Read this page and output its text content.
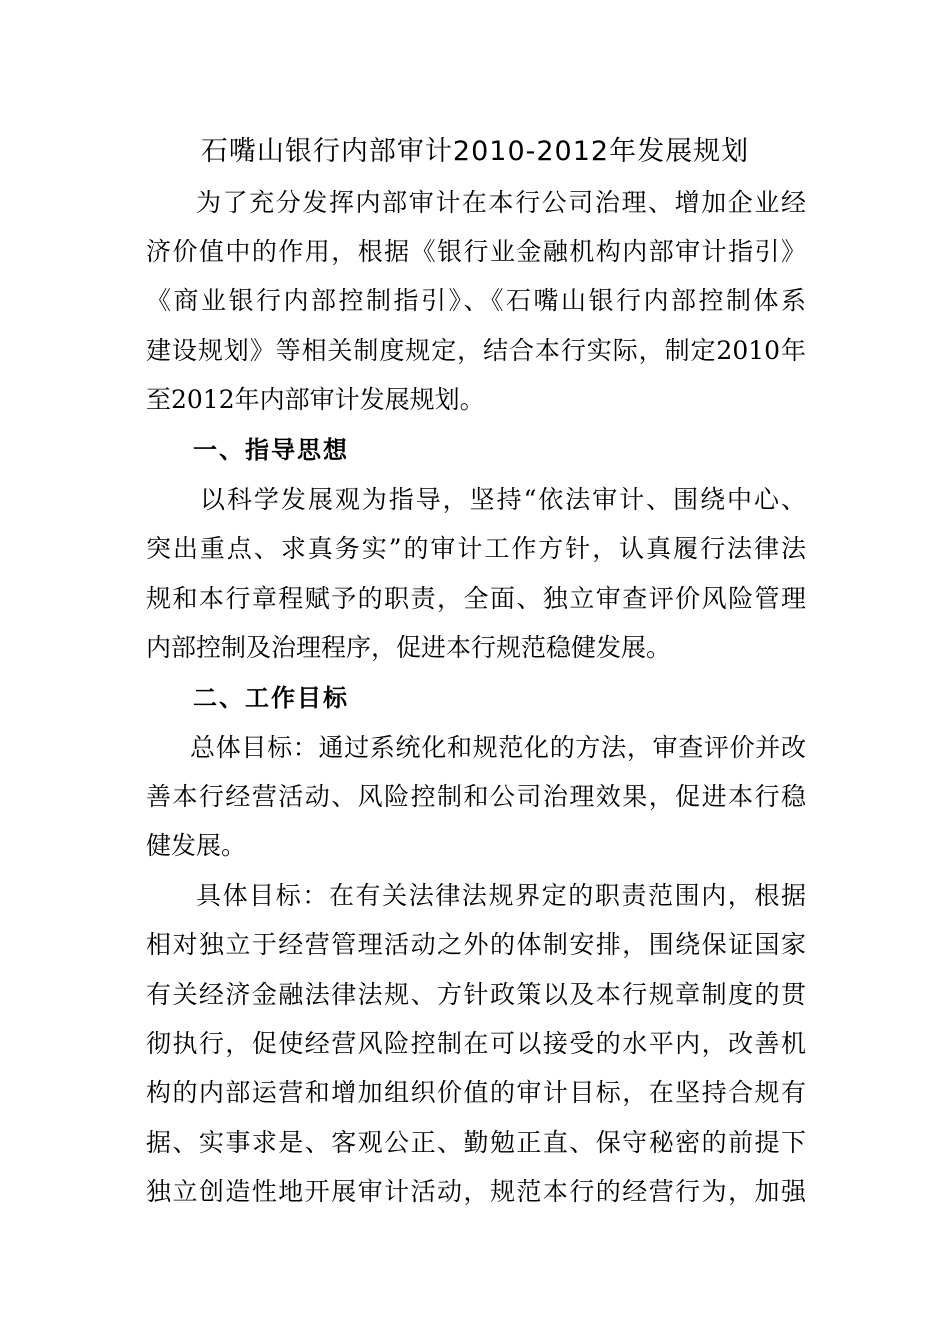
石嘴山银行内部审计2010-2012年发展规划
为了充分发挥内部审计在本行公司治理、增加企业经
济价值中的作用，根据《银行业金融机构内部审计指引》
《商业银行内部控制指引》、《石嘴山银行内部控制体系
建设规划》等相关制度规定，结合本行实际，制定2010年
至2012年内部审计发展规划。
一、指导思想
以科学发展观为指导，坚持“依法审计、围绕中心、
突出重点、求真务实”的审计工作方针，认真履行法律法
规和本行章程赋予的职责，全面、独立审查评价风险管理
内部控制及治理程序，促进本行规范稳健发展。
二、工作目标
总体目标：通过系统化和规范化的方法，审查评价并改
善本行经营活动、风险控制和公司治理效果，促进本行稳
健发展。
具体目标：在有关法律法规界定的职责范围内，根据
相对独立于经营管理活动之外的体制安排，围绕保证国家
有关经济金融法律法规、方针政策以及本行规章制度的贯
彻执行，促使经营风险控制在可以接受的水平内，改善机
构的内部运营和增加组织价值的审计目标，在坚持合规有
据、实事求是、客观公正、勤勉正直、保守秘密的前提下
独立创造性地开展审计活动，规范本行的经营行为，加强
